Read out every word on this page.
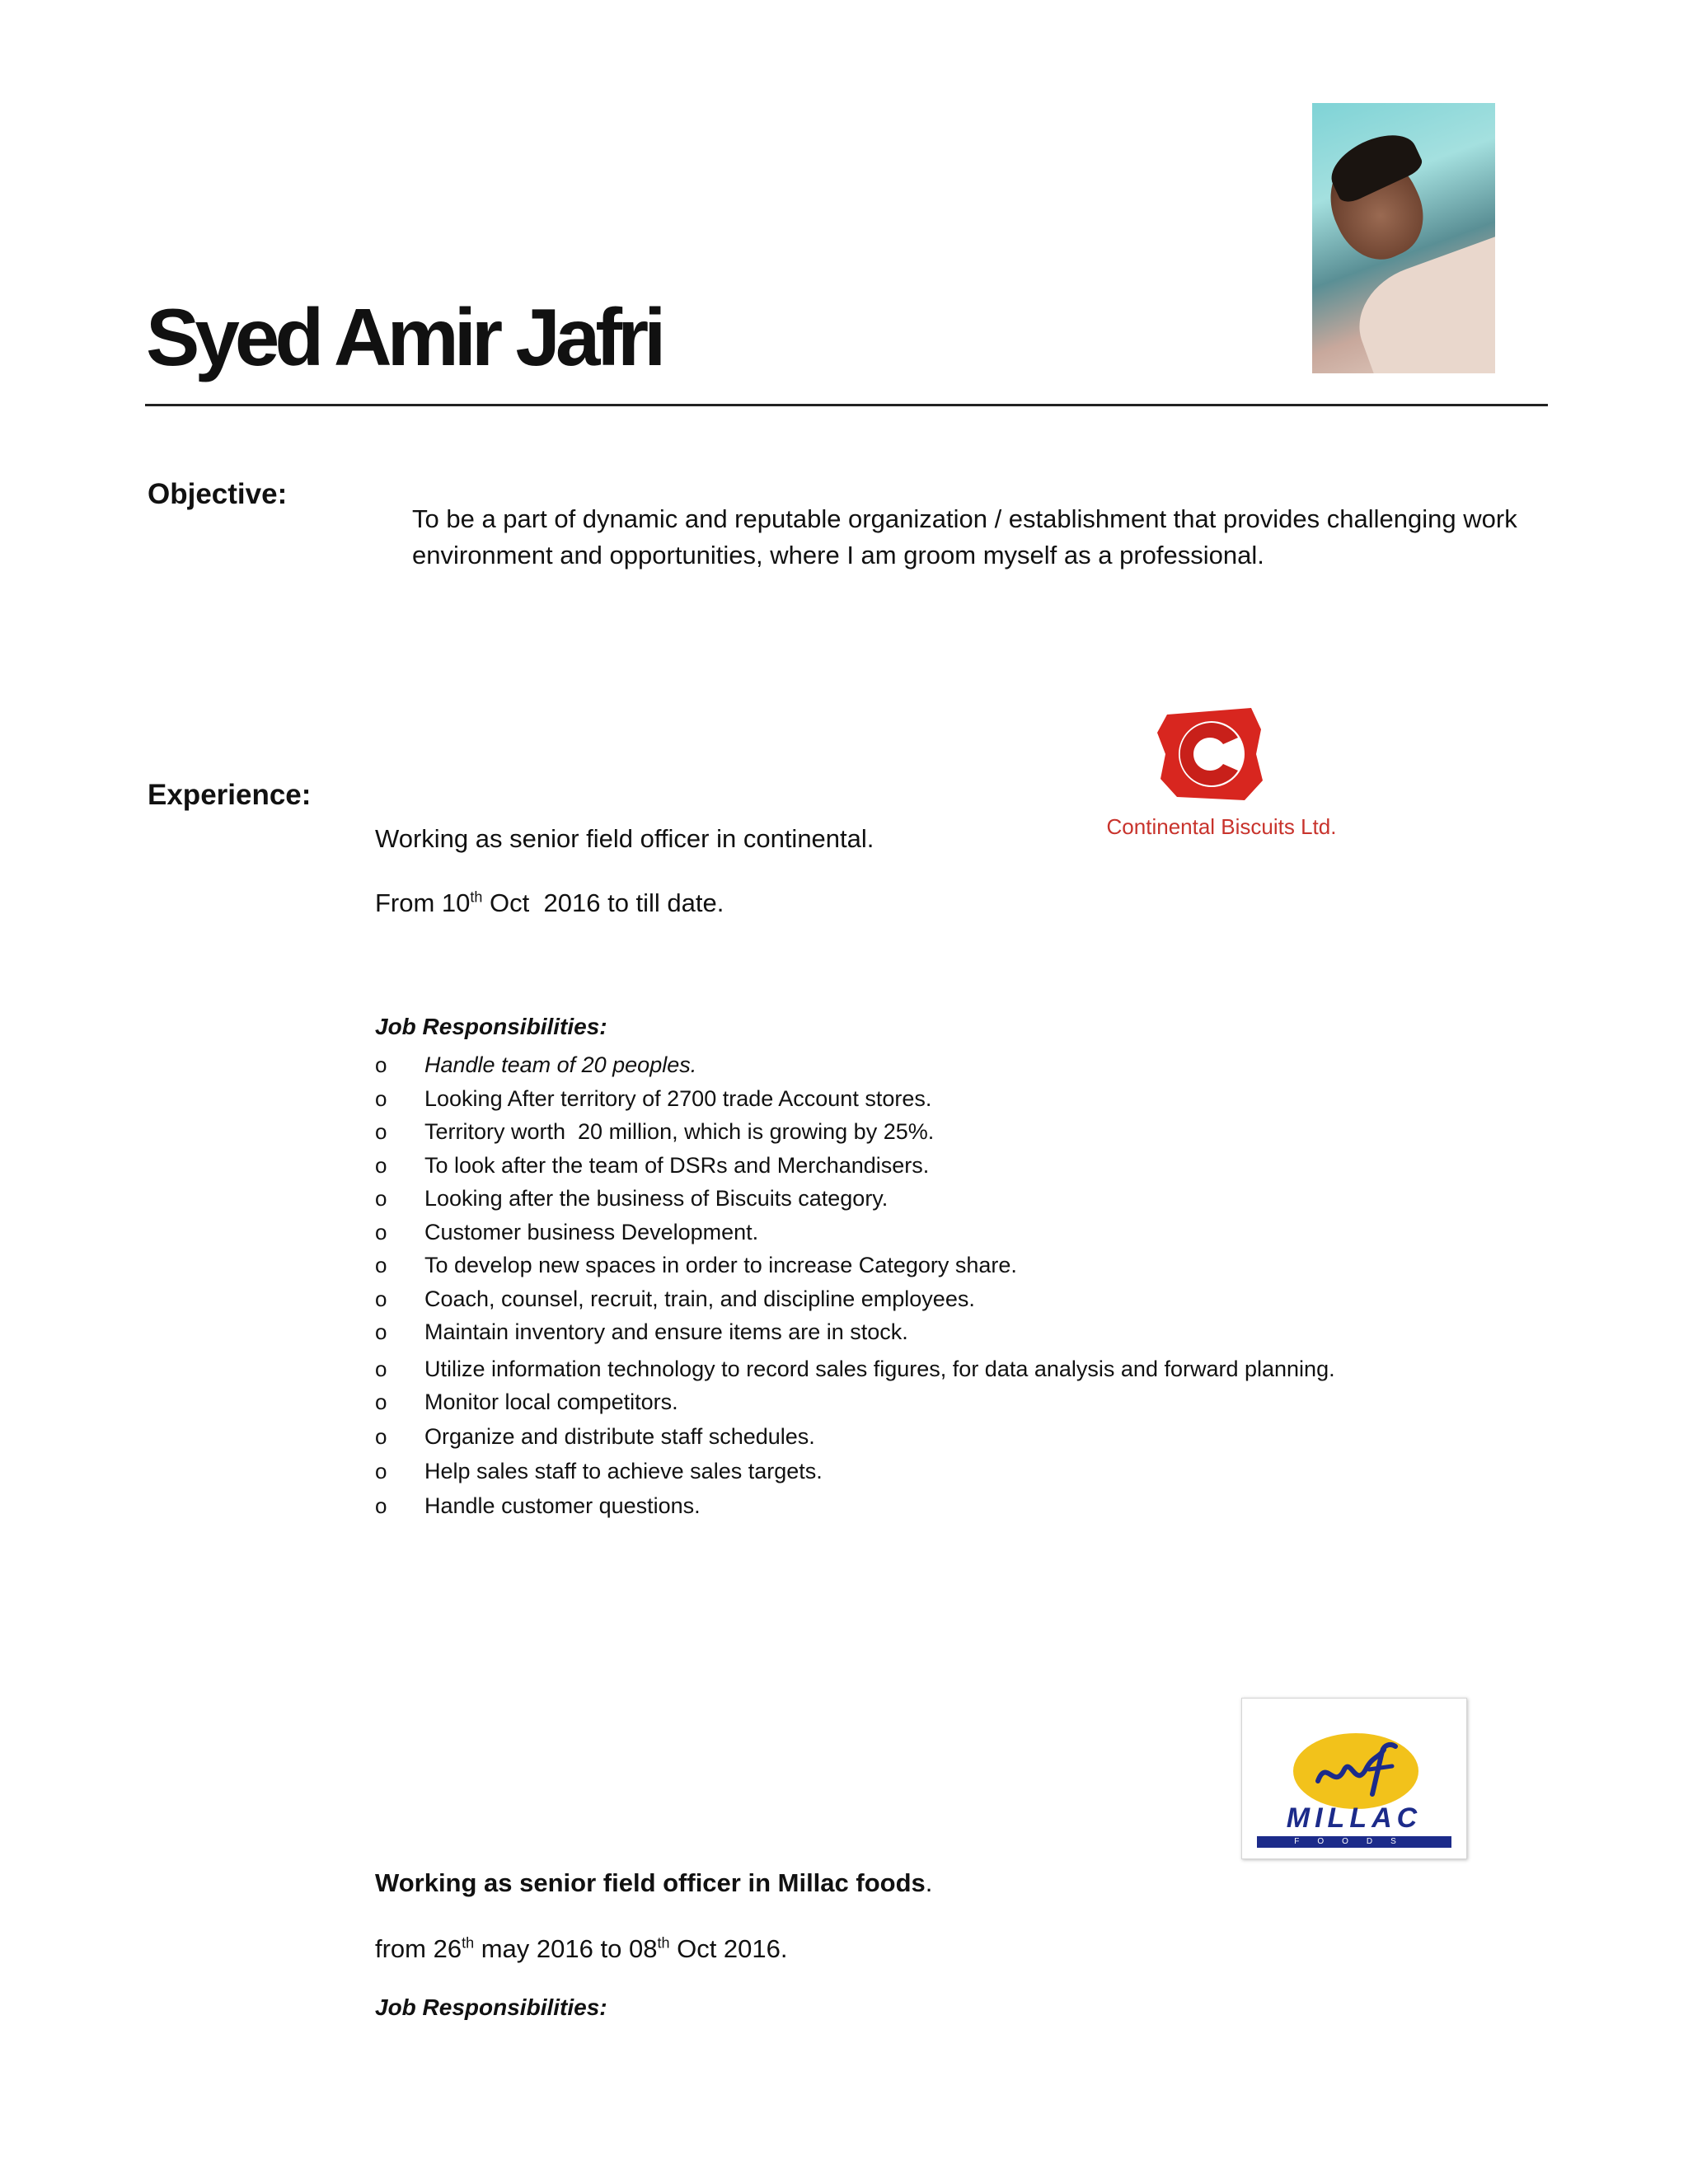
Syed Amir Jafri
Objective:
To be a part of dynamic and reputable organization / establishment that provides challenging work environment and opportunities, where I am groom myself as a professional.
Experience:
Continental Biscuits Ltd.
Working as senior field officer in continental.
From 10th Oct  2016 to till date.
Job Responsibilities:
o	Handle team of 20 peoples.
o	Looking After territory of 2700 trade Account stores.
o	Territory worth  20 million, which is growing by 25%.
o	To look after the team of DSRs and Merchandisers.
o	Looking after the business of Biscuits category.
o	Customer business Development.
o	To develop new spaces in order to increase Category share.
o	Coach, counsel, recruit, train, and discipline employees.
o	Maintain inventory and ensure items are in stock.
o	Utilize information technology to record sales figures, for data analysis and forward planning.
o	Monitor local competitors.
o	Organize and distribute staff schedules.
o	Help sales staff to achieve sales targets.
o	Handle customer questions.
MILLAC
FOODS
Working as senior field officer in Millac foods.
from 26th may 2016 to 08th Oct 2016.
Job Responsibilities:
